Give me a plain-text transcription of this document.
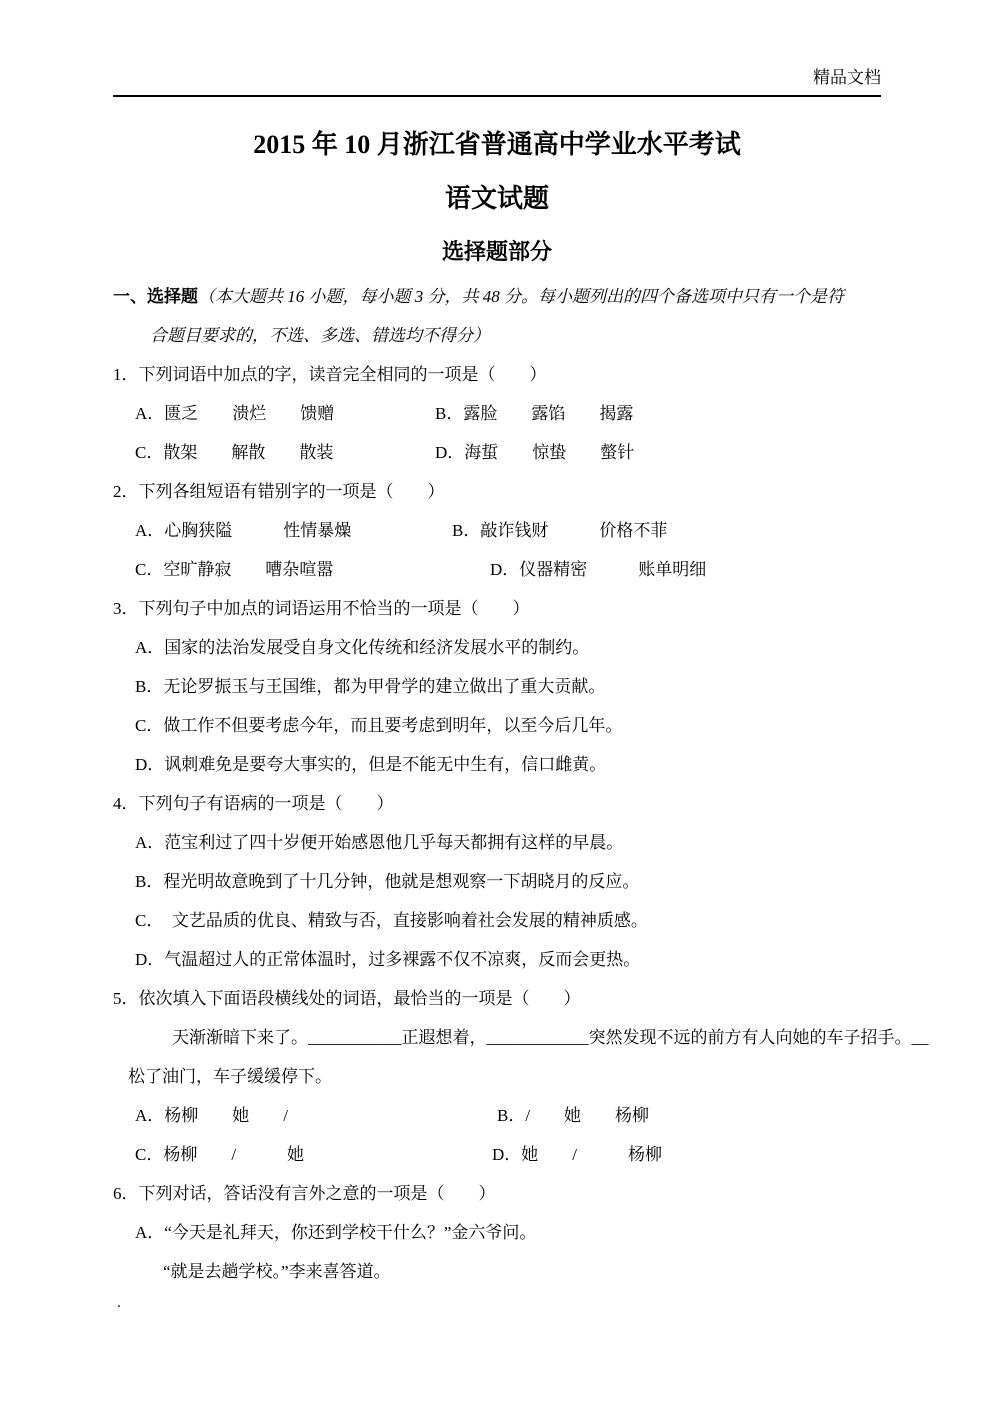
精品文档
2015 年 10 月浙江省普通高中学业水平考试
语文试题
选择题部分
一、选择题（本大题共 16 小题，每小题 3 分，共 48 分。每小题列出的四个备选项中只有一个是符
合题目要求的，不选、多选、错选均不得分）
1．下列词语中加点的字，读音完全相同的一项是（　　）
A．匮乏　　溃烂　　馈赠	B．露脸　　露馅　　揭露
C．散架　　解散　　散装	D．海蜇　　惊蛰　　螫针
2．下列各组短语有错别字的一项是（　　）
A．心胸狭隘　　　性情暴燥	B．敲诈钱财　　　价格不菲
C．空旷静寂　　嘈杂喧嚣	D．仪器精密　　　账单明细
3．下列句子中加点的词语运用不恰当的一项是（　　）
A．国家的法治发展受自身文化传统和经济发展水平的制约。
B．无论罗振玉与王国维，都为甲骨学的建立做出了重大贡献。
C．做工作不但要考虑今年，而且要考虑到明年，以至今后几年。
D．讽刺难免是要夸大事实的，但是不能无中生有，信口雌黄。
4．下列句子有语病的一项是（　　）
A．范宝利过了四十岁便开始感恩他几乎每天都拥有这样的早晨。
B．程光明故意晚到了十几分钟，他就是想观察一下胡晓月的反应。
C．　文艺品质的优良、精致与否，直接影响着社会发展的精神质感。
D．气温超过人的正常体温时，过多裸露不仅不凉爽，反而会更热。
5．依次填入下面语段横线处的词语，最恰当的一项是（　　）
天渐渐暗下来了。___________正遐想着，____________突然发现不远的前方有人向她的车子招手。__
松了油门，车子缓缓停下。
A．杨柳　　她　　/	B．/　　她　　杨柳
C．杨柳　　/　　　她	D．她　　/　　　杨柳
6．下列对话，答话没有言外之意的一项是（　　）
A．“今天是礼拜天，你还到学校干什么？”金六爷问。
“就是去趟学校。”李来喜答道。
.
